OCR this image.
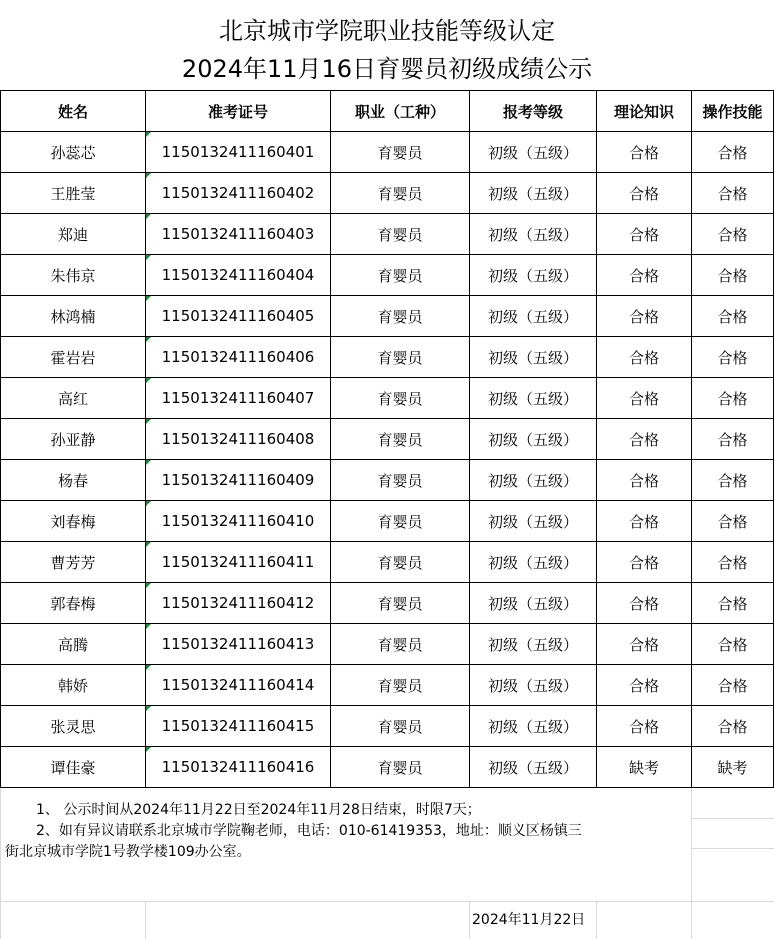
北京城市学院职业技能等级认定
2024年11月16日育婴员初级成绩公示
姓名	准考证号	职业（工种）	报考等级	理论知识	操作技能
孙蕊芯	1150132411160401	育婴员	初级（五级）	合格	合格
王胜莹	1150132411160402	育婴员	初级（五级）	合格	合格
郑迪	1150132411160403	育婴员	初级（五级）	合格	合格
朱伟京	1150132411160404	育婴员	初级（五级）	合格	合格
林鸿楠	1150132411160405	育婴员	初级（五级）	合格	合格
霍岩岩	1150132411160406	育婴员	初级（五级）	合格	合格
高红	1150132411160407	育婴员	初级（五级）	合格	合格
孙亚静	1150132411160408	育婴员	初级（五级）	合格	合格
杨春	1150132411160409	育婴员	初级（五级）	合格	合格
刘春梅	1150132411160410	育婴员	初级（五级）	合格	合格
曹芳芳	1150132411160411	育婴员	初级（五级）	合格	合格
郭春梅	1150132411160412	育婴员	初级（五级）	合格	合格
高腾	1150132411160413	育婴员	初级（五级）	合格	合格
韩娇	1150132411160414	育婴员	初级（五级）	合格	合格
张灵思	1150132411160415	育婴员	初级（五级）	合格	合格
谭佳豪	1150132411160416	育婴员	初级（五级）	缺考	缺考
1、 公示时间从2024年11月22日至2024年11月28日结束，时限7天；
2、如有异议请联系北京城市学院鞠老师，电话：010-61419353，地址：顺义区杨镇三
街北京城市学院1号教学楼109办公室。
2024年11月22日
